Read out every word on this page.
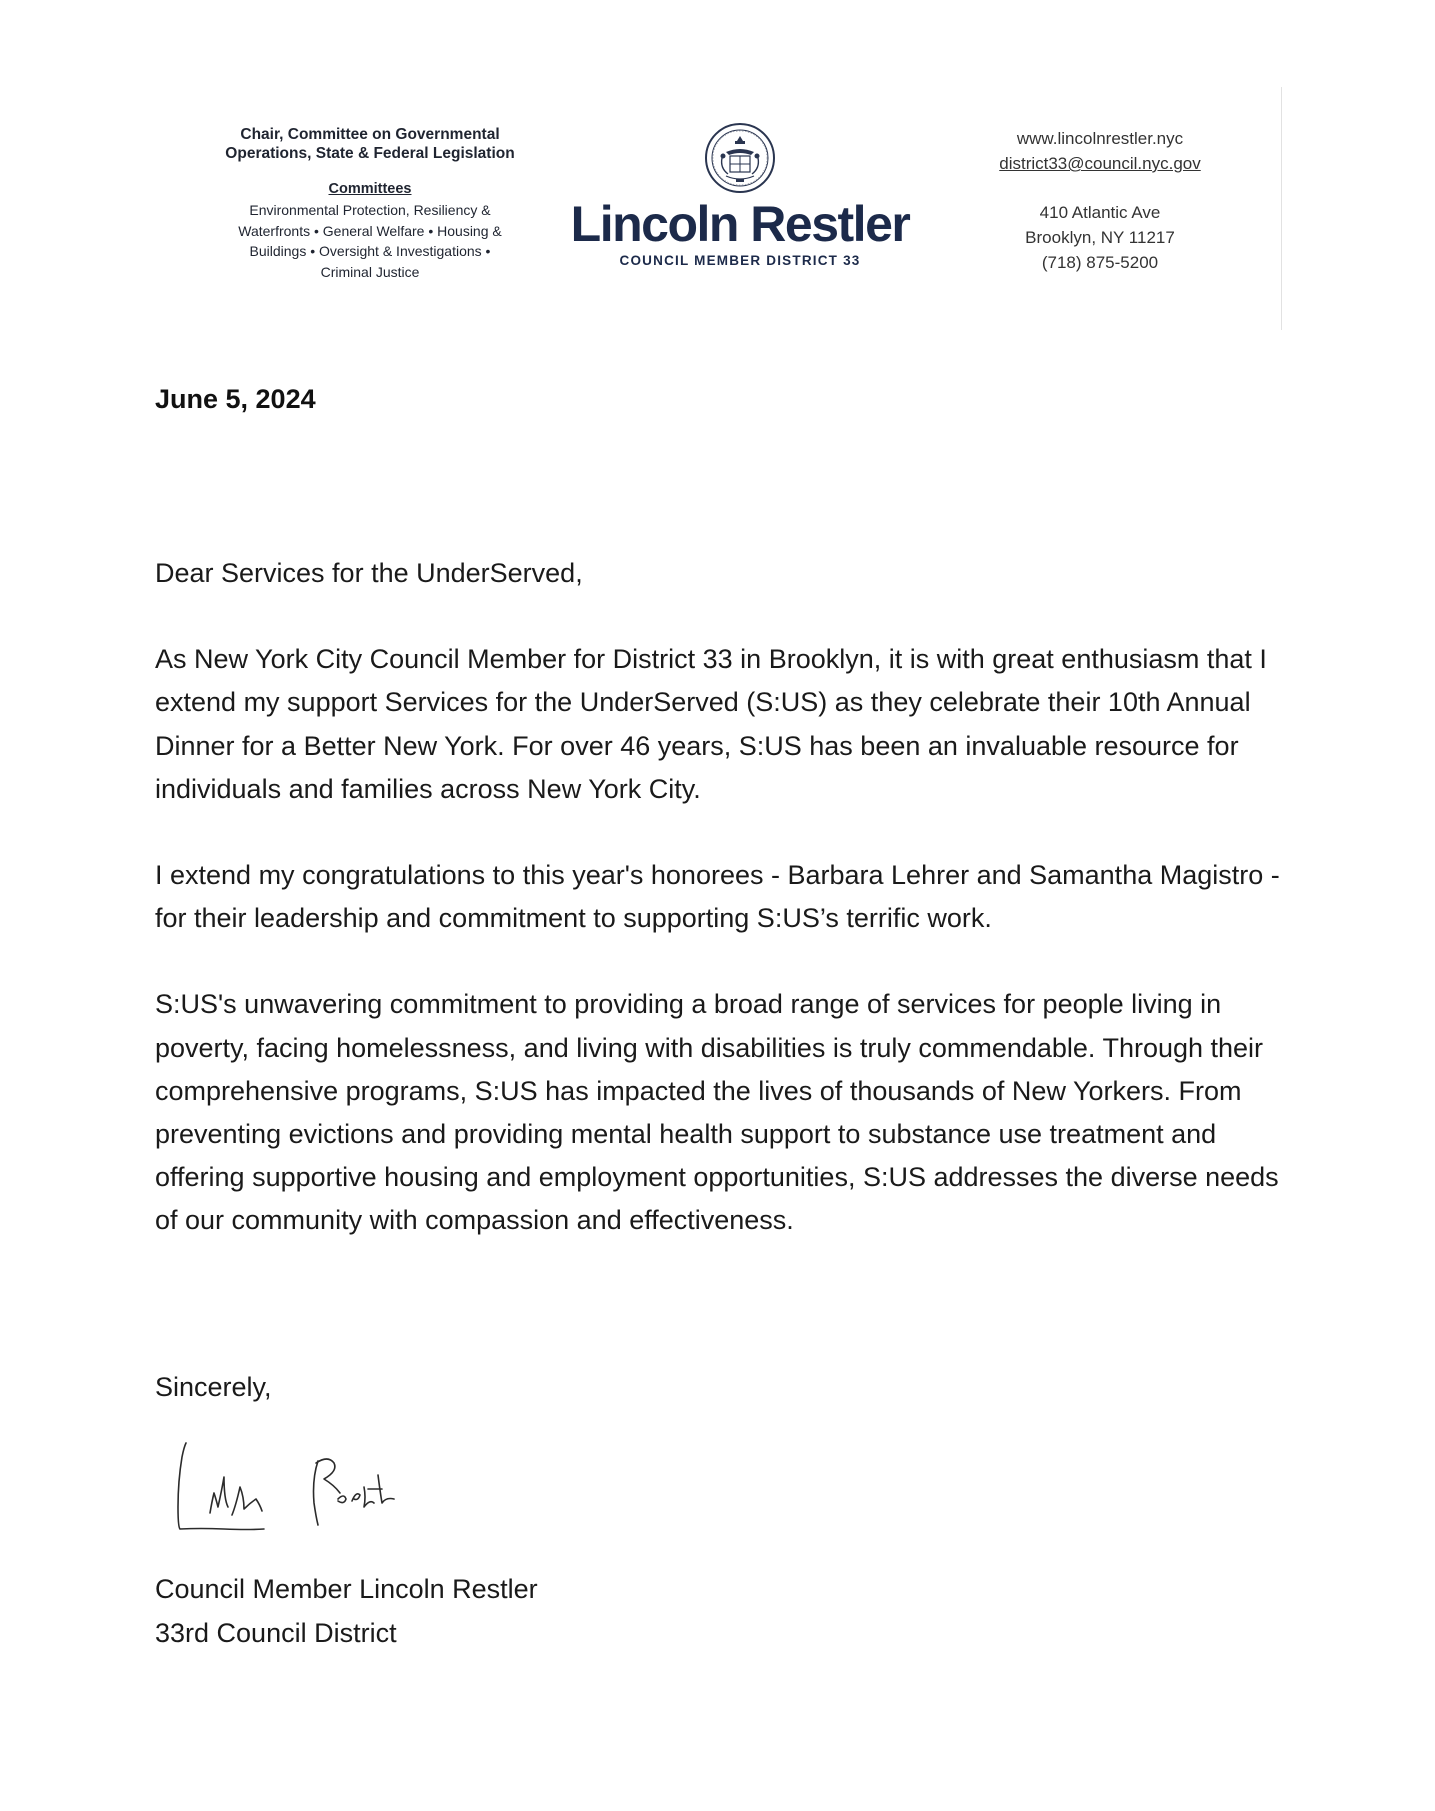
Chair, Committee on Governmental
Operations, State & Federal Legislation
Committees
Environmental Protection, Resiliency & Waterfronts • General Welfare • Housing & Buildings • Oversight & Investigations • Criminal Justice
Lincoln Restler
COUNCIL MEMBER DISTRICT 33
www.lincolnrestler.nyc
district33@council.nyc.gov
410 Atlantic Ave
Brooklyn, NY 11217
(718) 875-5200
June 5, 2024
Dear Services for the UnderServed,

As New York City Council Member for District 33 in Brooklyn, it is with great enthusiasm that I extend my support Services for the UnderServed (S:US) as they celebrate their 10th Annual Dinner for a Better New York. For over 46 years, S:US has been an invaluable resource for individuals and families across New York City.

I extend my congratulations to this year's honorees - Barbara Lehrer and Samantha Magistro - for their leadership and commitment to supporting S:US’s terrific work.

S:US's unwavering commitment to providing a broad range of services for people living in poverty, facing homelessness, and living with disabilities is truly commendable. Through their comprehensive programs, S:US has impacted the lives of thousands of New Yorkers. From preventing evictions and providing mental health support to substance use treatment and offering supportive housing and employment opportunities, S:US addresses the diverse needs of our community with compassion and effectiveness.

Sincerely,
Council Member Lincoln Restler
33rd Council District
